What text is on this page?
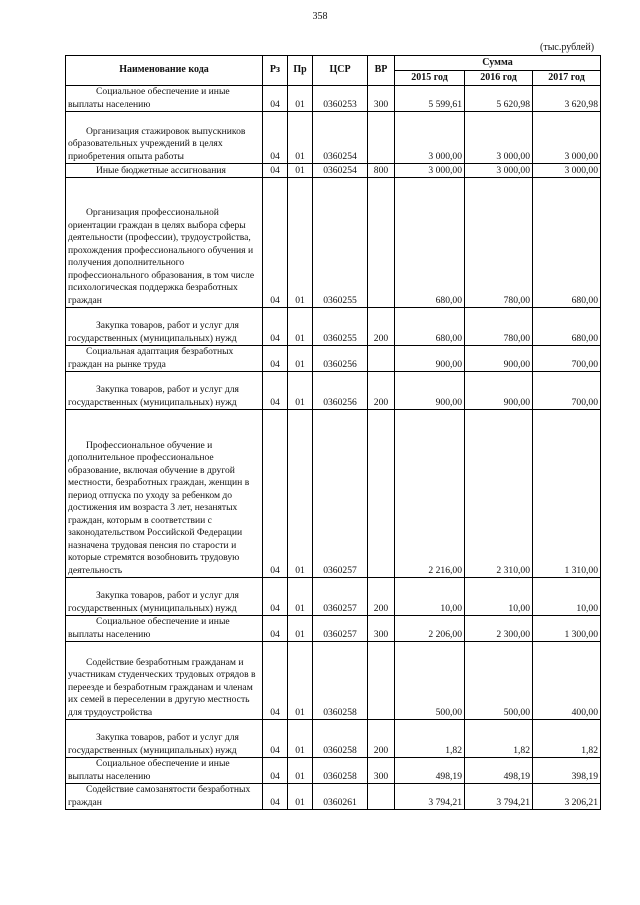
358
(тыс.рублей)
Наименование кода	Рз	Пр	ЦСР	ВР	Сумма		
					2015 год	2016 год	2017 год

Социальное обеспечение и иные выплаты населению	04	01	0360253	300	5 599,61	5 620,98	3 620,98

Организация стажировок выпускников образовательных учреждений в целях приобретения опыта работы	04	01	0360254		3 000,00	3 000,00	3 000,00

Иные бюджетные ассигнования	04	01	0360254	800	3 000,00	3 000,00	3 000,00

Организация профессиональной ориентации граждан в целях выбора сферы деятельности (профессии), трудоустройства, прохождения профессионального обучения и получения дополнительного профессионального образования, в том числе психологическая поддержка безработных граждан	04	01	0360255		680,00	780,00	680,00

Закупка товаров, работ и услуг для государственных (муниципальных) нужд	04	01	0360255	200	680,00	780,00	680,00

Социальная адаптация безработных граждан на рынке труда	04	01	0360256		900,00	900,00	700,00

Закупка товаров, работ и услуг для государственных (муниципальных) нужд	04	01	0360256	200	900,00	900,00	700,00

Профессиональное обучение и дополнительное профессиональное образование, включая обучение в другой местности, безработных граждан, женщин в период отпуска по уходу за ребенком до достижения им возраста 3 лет, незанятых граждан, которым в соответствии с законодательством Российской Федерации назначена трудовая пенсия по старости и которые стремятся возобновить трудовую деятельность	04	01	0360257		2 216,00	2 310,00	1 310,00

Закупка товаров, работ и услуг для государственных (муниципальных) нужд	04	01	0360257	200	10,00	10,00	10,00

Социальное обеспечение и иные выплаты населению	04	01	0360257	300	2 206,00	2 300,00	1 300,00

Содействие безработным гражданам и участникам студенческих трудовых отрядов в переезде и безработным гражданам и членам их семей в переселении в другую местность для трудоустройства	04	01	0360258		500,00	500,00	400,00

Закупка товаров, работ и услуг для государственных (муниципальных) нужд	04	01	0360258	200	1,82	1,82	1,82

Социальное обеспечение и иные выплаты населению	04	01	0360258	300	498,19	498,19	398,19

Содействие самозанятости безработных граждан	04	01	0360261		3 794,21	3 794,21	3 206,21
